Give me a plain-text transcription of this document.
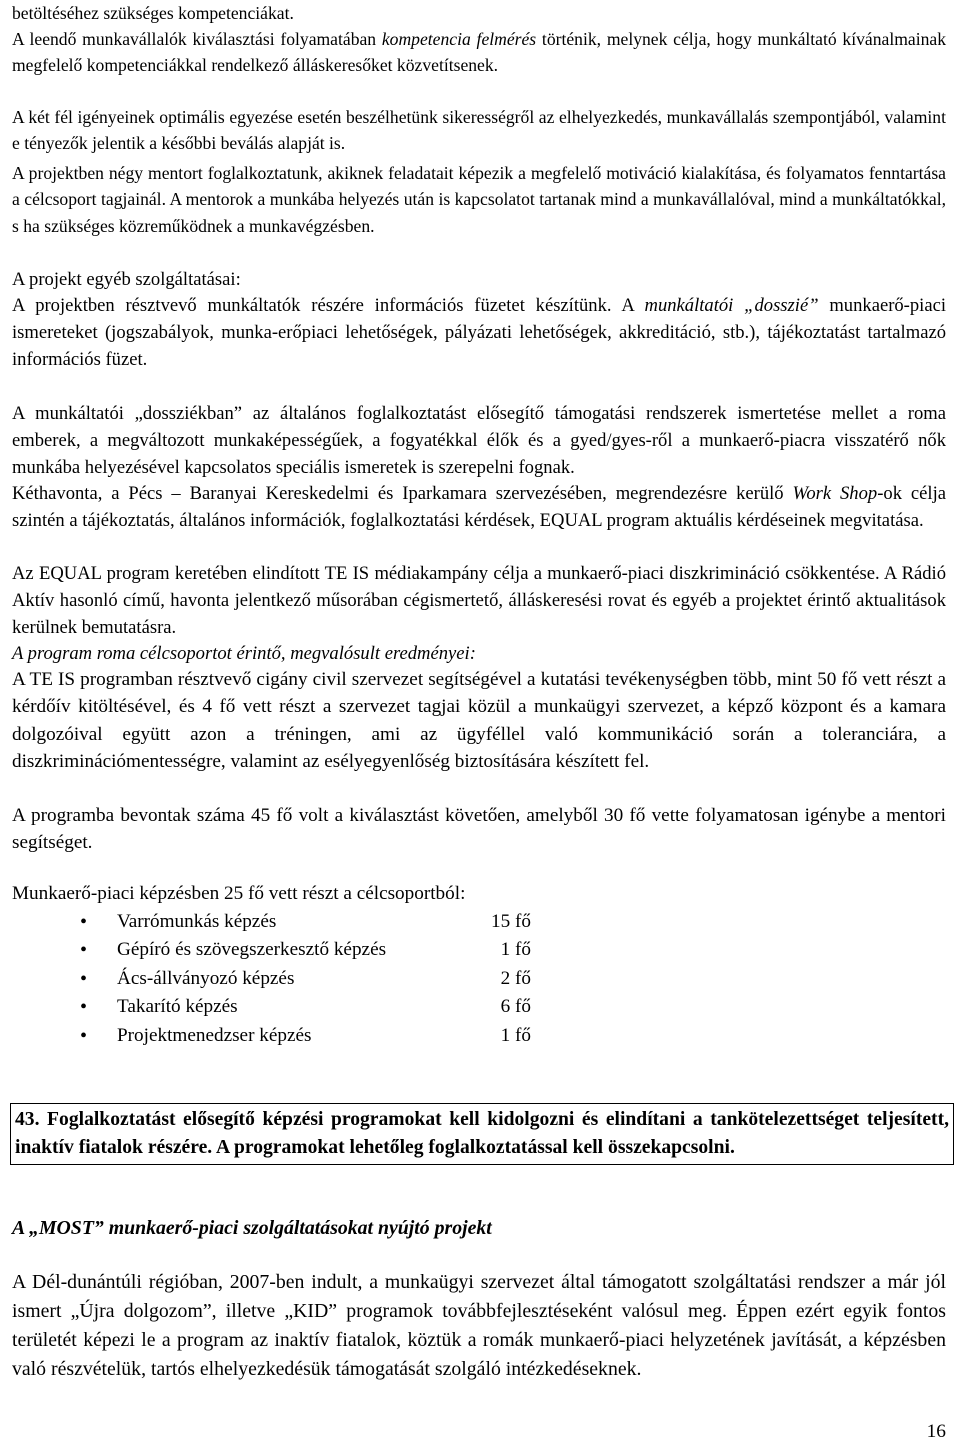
betöltéséhez szükséges kompetenciákat.

A leendő munkavállalók kiválasztási folyamatában kompetencia felmérés történik, melynek célja, hogy munkáltató kívánalmainak megfelelő kompetenciákkal rendelkező álláskeresőket közvetítsenek.

A két fél igényeinek optimális egyezése esetén beszélhetünk sikerességről az elhelyezkedés, munkavállalás szempontjából, valamint e tényezők jelentik a későbbi beválás alapját is.

A projektben négy mentort foglalkoztatunk, akiknek feladatait képezik a megfelelő motiváció kialakítása, és folyamatos fenntartása a célcsoport tagjainál. A mentorok a munkába helyezés után is kapcsolatot tartanak mind a munkavállalóval, mind a munkáltatókkal, s ha szükséges közreműködnek a munkavégzésben.

A projekt egyéb szolgáltatásai:

A projektben résztvevő munkáltatók részére információs füzetet készítünk. A munkáltatói „dosszié” munkaerő-piaci ismereteket (jogszabályok, munka-erőpiaci lehetőségek, pályázati lehetőségek, akkreditáció, stb.), tájékoztatást tartalmazó információs füzet.

A munkáltatói „dossziékban” az általános foglalkoztatást elősegítő támogatási rendszerek ismertetése mellet a roma emberek, a megváltozott munkaképességűek, a fogyatékkal élők és a gyed/gyes-ről a munkaerő-piacra visszatérő nők munkába helyezésével kapcsolatos speciális ismeretek is szerepelni fognak.

Kéthavonta, a Pécs – Baranyai Kereskedelmi és Iparkamara szervezésében, megrendezésre kerülő Work Shop-ok célja szintén a tájékoztatás, általános információk, foglalkoztatási kérdések, EQUAL program aktuális kérdéseinek megvitatása.

Az EQUAL program keretében elindított TE IS médiakampány célja a munkaerő-piaci diszkrimináció csökkentése. A Rádió Aktív hasonló című, havonta jelentkező műsorában cégismertető, álláskeresési rovat és egyéb a projektet érintő aktualitások kerülnek bemutatásra.

A program roma célcsoportot érintő, megvalósult eredményei:

A TE IS programban résztvevő cigány civil szervezet segítségével a kutatási tevékenységben több, mint 50 fő vett részt a kérdőív kitöltésével, és 4 fő vett részt a szervezet tagjai közül a munkaügyi szervezet, a képző központ és a kamara dolgozóival együtt azon a tréningen, ami az ügyféllel való kommunikáció során a toleranciára, a diszkriminációmentességre, valamint az esélyegyenlőség biztosítására készített fel.

A programba bevontak száma 45 fő volt a kiválasztást követően, amelyből 30 fő vette folyamatosan igénybe a mentori segítséget.

Munkaerő-piaci képzésben 25 fő vett részt a célcsoportból:

•
Varrómunkás képzés	15 fő
•
Gépíró és szövegszerkesztő képzés	1 fő
•
Ács-állványozó képzés	2 fő
•
Takarító képzés	6 fő
•
Projektmenedzser képzés	1 fő
43. Foglalkoztatást elősegítő képzési programokat kell kidolgozni és elindítani a tankötelezettséget teljesített, inaktív fiatalok részére. A programokat lehetőleg foglalkoztatással kell összekapcsolni.

A „MOST” munkaerő-piaci szolgáltatásokat nyújtó projekt

A Dél-dunántúli régióban, 2007-ben indult, a munkaügyi szervezet által támogatott szolgáltatási rendszer a már jól ismert „Újra dolgozom”, illetve „KID” programok továbbfejlesztéseként valósul meg. Éppen ezért egyik fontos területét képezi le a program az inaktív fiatalok, köztük a romák munkaerő-piaci helyzetének javítását, a képzésben való részvételük, tartós elhelyezkedésük támogatását szolgáló intézkedéseknek.

16
